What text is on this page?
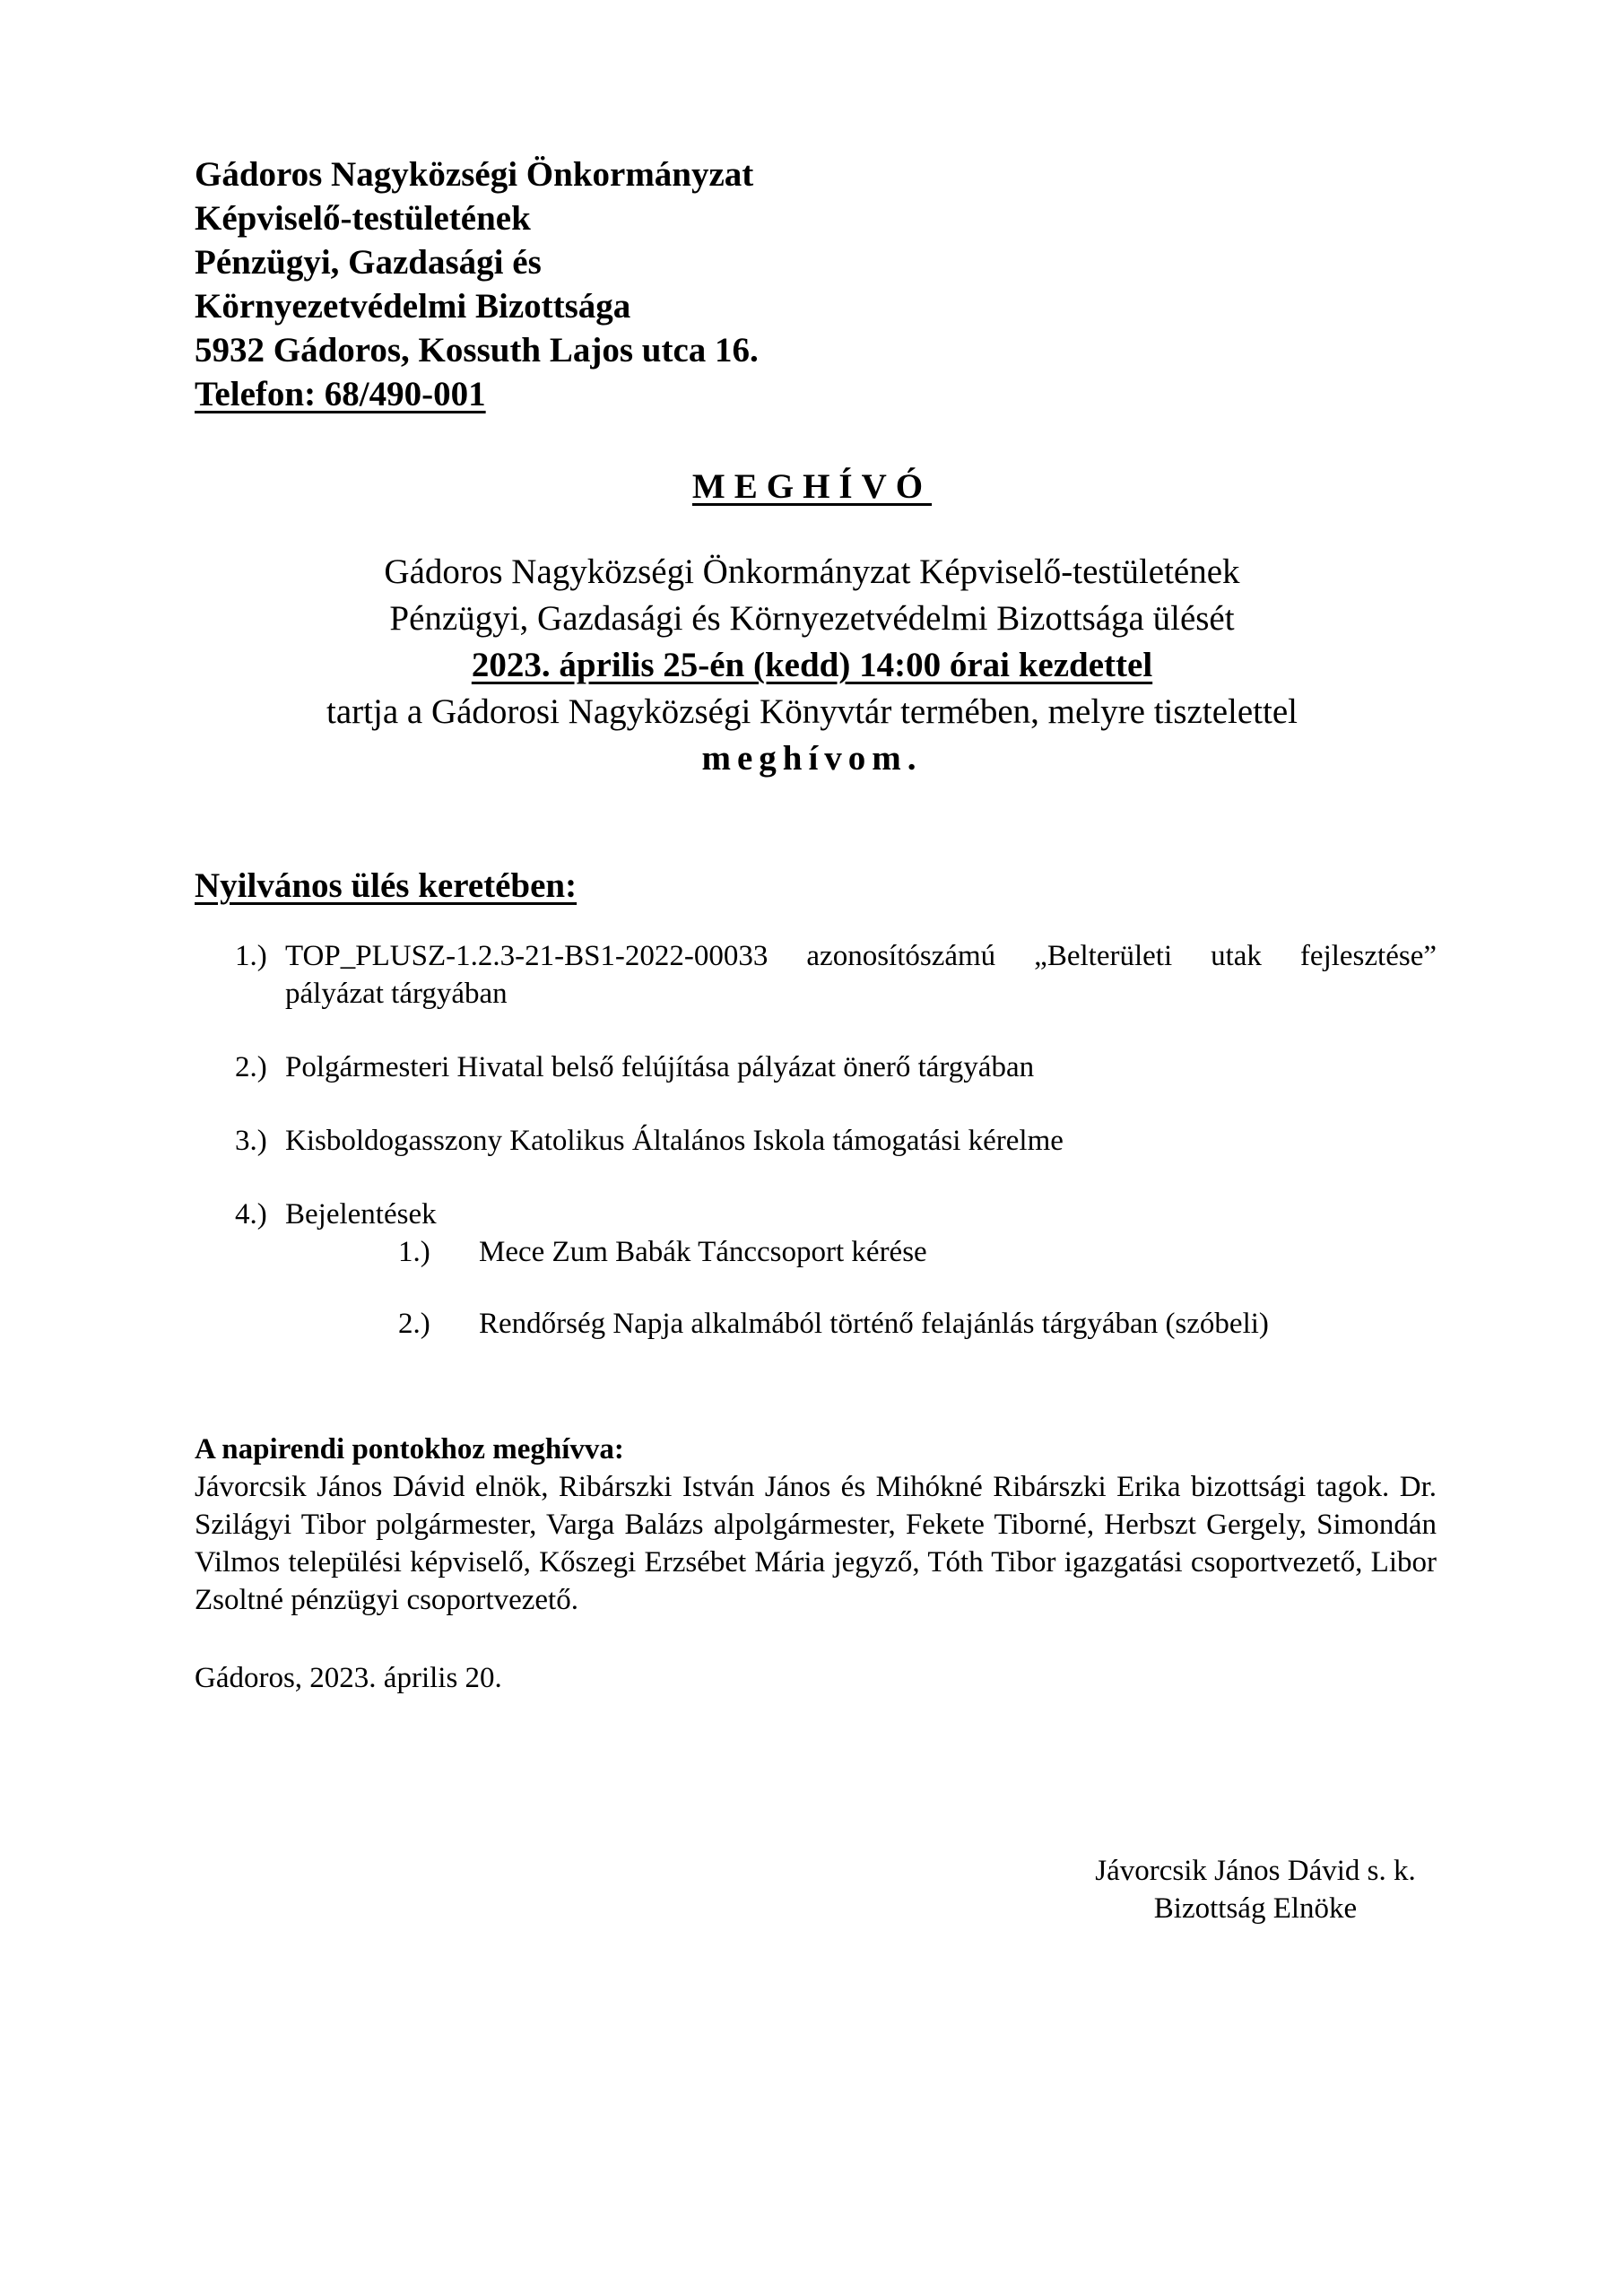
Gádoros Nagyközségi Önkormányzat
Képviselő-testületének
Pénzügyi, Gazdasági és
Környezetvédelmi Bizottsága
5932 Gádoros, Kossuth Lajos utca 16.
Telefon: 68/490-001
MEGHÍVÓ
Gádoros Nagyközségi Önkormányzat Képviselő-testületének
Pénzügyi, Gazdasági és Környezetvédelmi Bizottsága ülését
2023. április 25-én (kedd) 14:00 órai kezdettel
tartja a Gádorosi Nagyközségi Könyvtár termében, melyre tisztelettel
meghívom.
Nyilvános ülés keretében:
1.) TOP_PLUSZ-1.2.3-21-BS1-2022-00033 azonosítószámú „Belterületi utak fejlesztése”
pályázat tárgyában
2.) Polgármesteri Hivatal belső felújítása pályázat önerő tárgyában
3.) Kisboldogasszony Katolikus Általános Iskola támogatási kérelme
4.) Bejelentések
1.)	Mece Zum Babák Tánccsoport kérése
2.)	Rendőrség Napja alkalmából történő felajánlás tárgyában (szóbeli)
A napirendi pontokhoz meghívva:
Jávorcsik János Dávid elnök, Ribárszki István János és Mihókné Ribárszki Erika bizottsági tagok. Dr. Szilágyi Tibor polgármester, Varga Balázs alpolgármester, Fekete Tiborné, Herbszt Gergely, Simondán Vilmos települési képviselő, Kőszegi Erzsébet Mária jegyző, Tóth Tibor igazgatási csoportvezető, Libor Zsoltné pénzügyi csoportvezető.
Gádoros, 2023. április 20.
Jávorcsik János Dávid s. k.
Bizottság Elnöke
